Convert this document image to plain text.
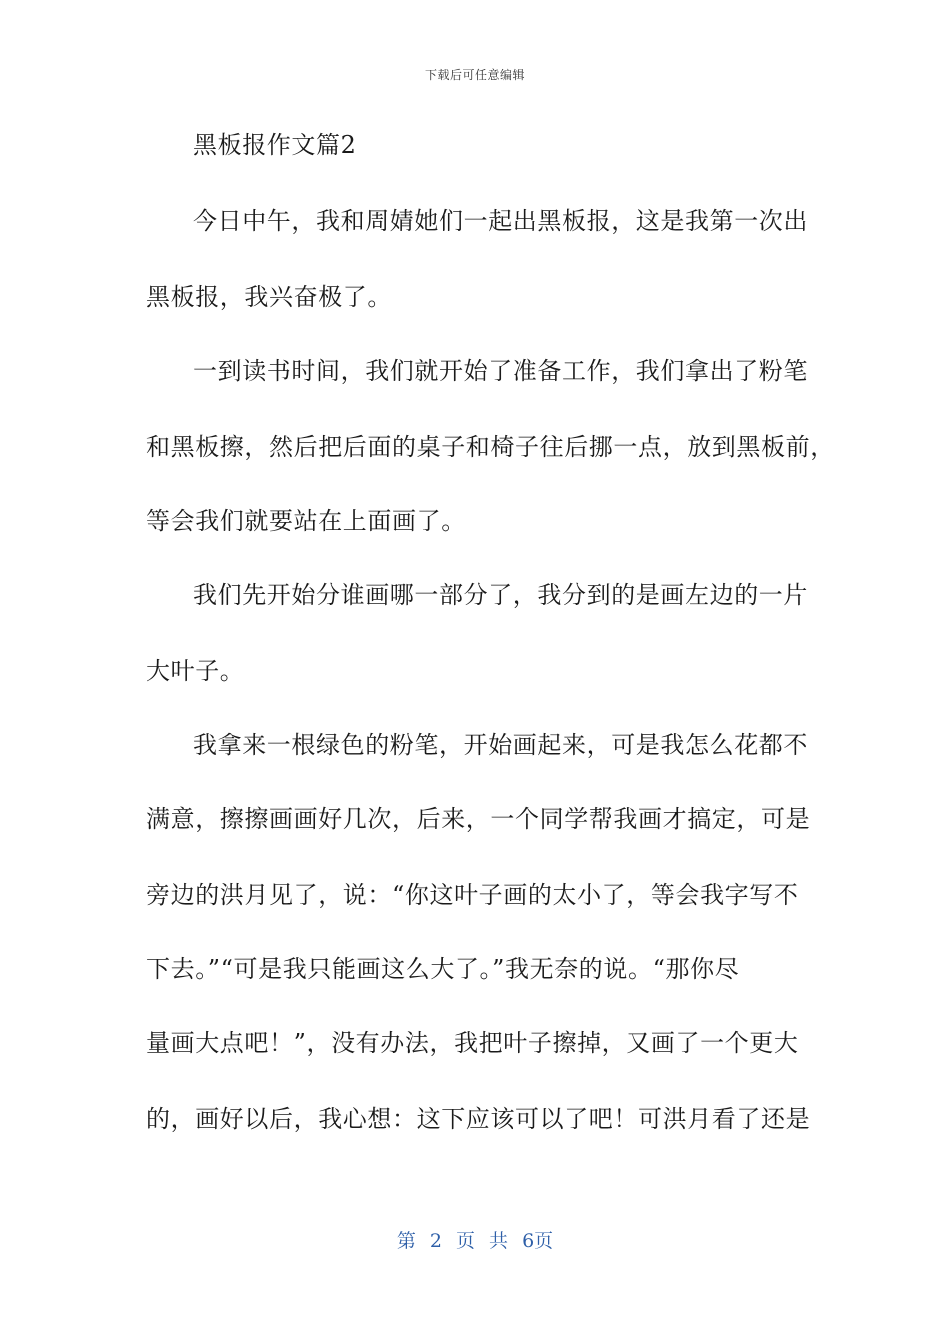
下载后可任意编辑
黑板报作文篇2
今日中午，我和周婧她们一起出黑板报，这是我第一次出
黑板报，我兴奋极了。
一到读书时间，我们就开始了准备工作，我们拿出了粉笔
和黑板擦，然后把后面的桌子和椅子往后挪一点，放到黑板前，
等会我们就要站在上面画了。
我们先开始分谁画哪一部分了，我分到的是画左边的一片
大叶子。
我拿来一根绿色的粉笔，开始画起来，可是我怎么花都不
满意，擦擦画画好几次，后来，一个同学帮我画才搞定，可是
旁边的洪月见了，说：“你这叶子画的太小了，等会我字写不
下去。”“可是我只能画这么大了。”我无奈的说。“那你尽
量画大点吧！”，没有办法，我把叶子擦掉，又画了一个更大
的，画好以后，我心想：这下应该可以了吧！可洪月看了还是
第 2 页 共 6页
